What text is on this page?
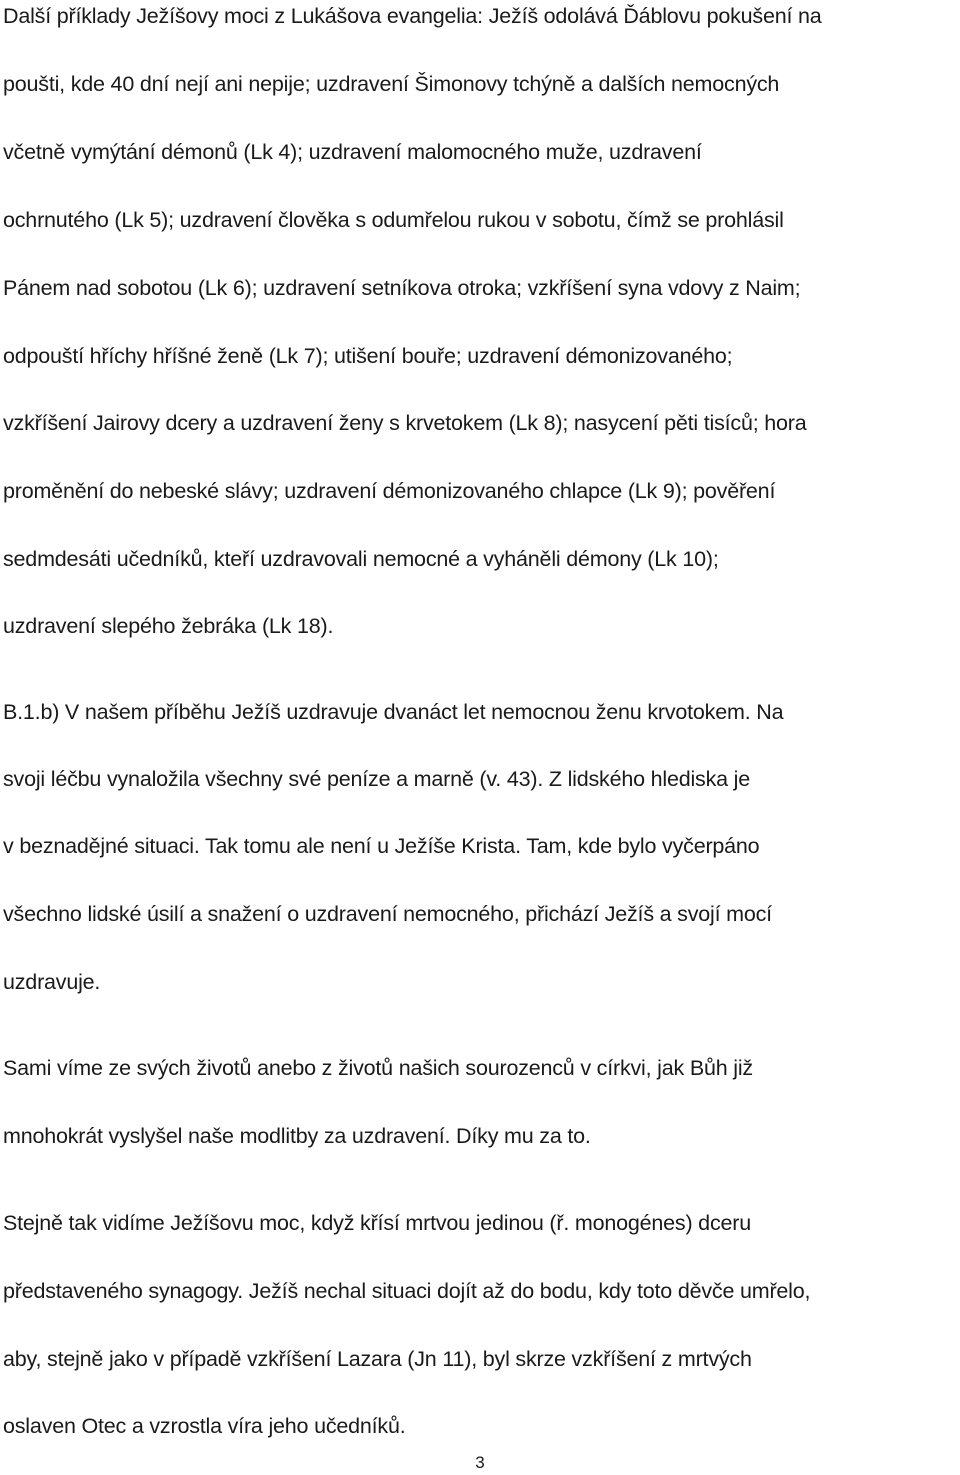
Další příklady Ježíšovy moci z Lukášova evangelia: Ježíš odolává Ďáblovu pokušení na
poušti, kde 40 dní nejí ani nepije; uzdravení Šimonovy tchýně a dalších nemocných
včetně vymýtání démonů (Lk 4); uzdravení malomocného muže, uzdravení
ochrnutého (Lk 5); uzdravení člověka s odumřelou rukou v sobotu, čímž se prohlásil
Pánem nad sobotou (Lk 6); uzdravení setníkova otroka; vzkříšení syna vdovy z Naim;
odpouští hříchy hříšné ženě (Lk 7); utišení bouře; uzdravení démonizovaného;
vzkříšení Jairovy dcery a uzdravení ženy s krvetokem (Lk 8); nasycení pěti tisíců; hora
proměnění do nebeské slávy; uzdravení démonizovaného chlapce (Lk 9); pověření
sedmdesáti učedníků, kteří uzdravovali nemocné a vyháněli démony (Lk 10);
uzdravení slepého žebráka (Lk 18).
B.1.b) V našem příběhu Ježíš uzdravuje dvanáct let nemocnou ženu krvotokem. Na
svoji léčbu vynaložila všechny své peníze a marně (v. 43). Z lidského hlediska je
v beznadějné situaci. Tak tomu ale není u Ježíše Krista. Tam, kde bylo vyčerpáno
všechno lidské úsilí a snažení o uzdravení nemocného, přichází Ježíš a svojí mocí
uzdravuje.
Sami víme ze svých životů anebo z životů našich sourozenců v církvi, jak Bůh již
mnohokrát vyslyšel naše modlitby za uzdravení. Díky mu za to.
Stejně tak vidíme Ježíšovu moc, když křísí mrtvou jedinou (ř. monogénes) dceru
představeného synagogy. Ježíš nechal situaci dojít až do bodu, kdy toto děvče umřelo,
aby, stejně jako v případě vzkříšení Lazara (Jn 11), byl skrze vzkříšení z mrtvých
oslaven Otec a vzrostla víra jeho učedníků.
3
